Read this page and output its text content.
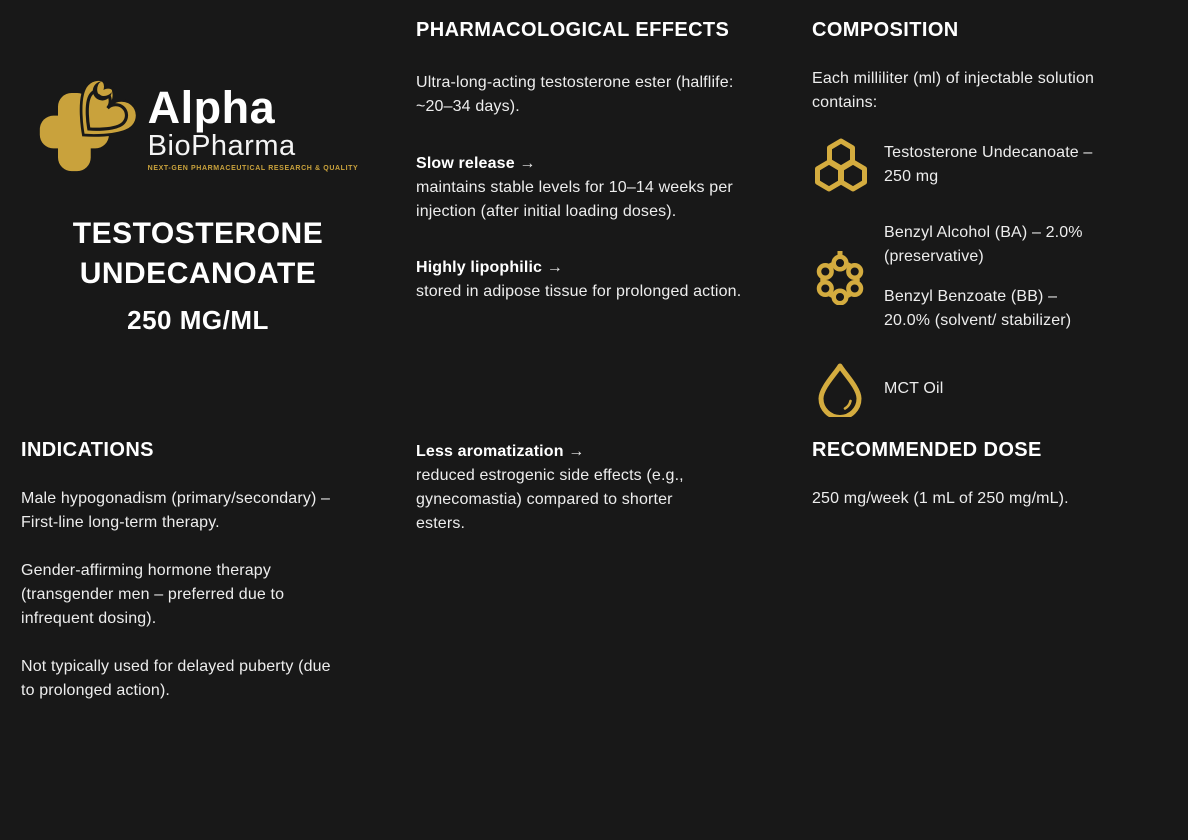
Alpha
BioPharma
NEXT-GEN PHARMACEUTICAL RESEARCH & QUALITY
TESTOSTERONE
UNDECANOATE

250 MG/ML

PHARMACOLOGICAL EFFECTS

Ultra-long-acting testosterone ester (halflife: ~20–34 days).

Slow release →

maintains stable levels for 10–14 weeks per injection (after initial loading doses).

Highly lipophilic →

stored in adipose tissue for prolonged action.

COMPOSITION

Each milliliter (ml) of injectable solution contains:

Testosterone Undecanoate – 250 mg

Benzyl Alcohol (BA) – 2.0% (preservative)

Benzyl Benzoate (BB) – 20.0% (solvent/ stabilizer)

MCT Oil

INDICATIONS

Male hypogonadism (primary/secondary) – First-line long-term therapy.

Gender-affirming hormone therapy (transgender men – preferred due to infrequent dosing).

Not typically used for delayed puberty (due to prolonged action).

Less aromatization →

reduced estrogenic side effects (e.g., gynecomastia) compared to shorter esters.

RECOMMENDED DOSE

250 mg/week (1 mL of 250 mg/mL).
